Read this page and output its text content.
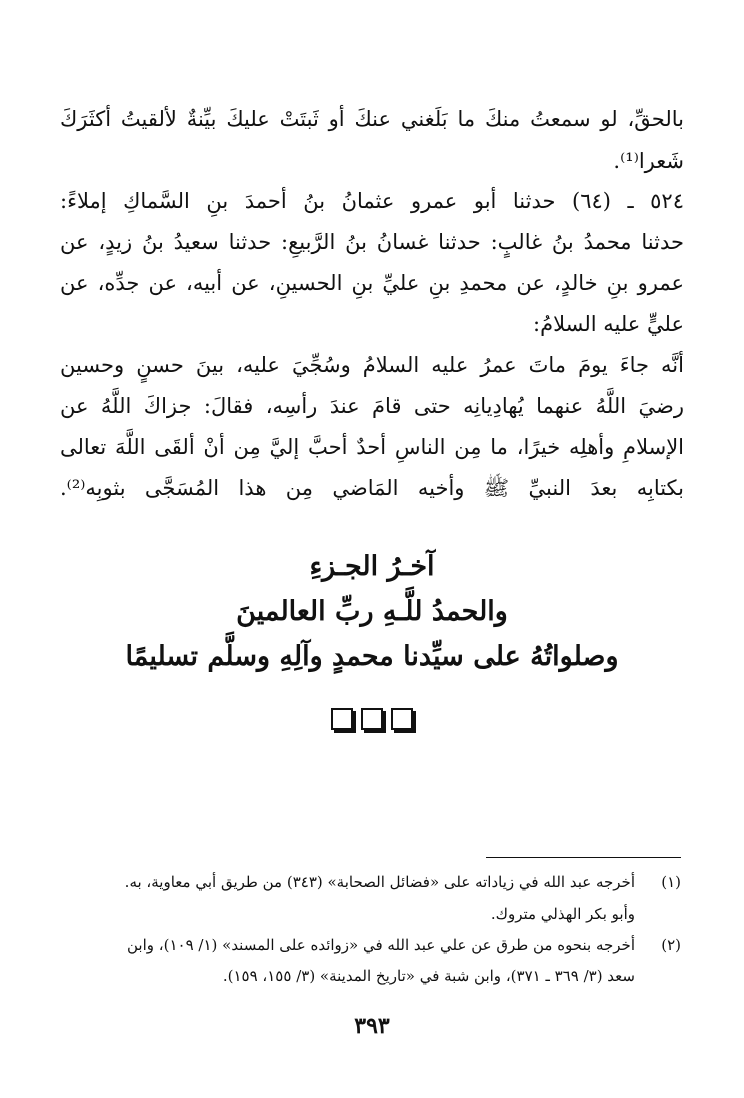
بالحقِّ، لو سمعتُ منكَ ما بَلَغني عنكَ أو ثَبتَتْ عليكَ بيِّنةٌ لألقيتُ أكثَرَكَ
شَعرا⁽¹⁾.
٥٢٤ ـ (٦٤) حدثنا أبو عمرو عثمانُ بنُ أحمدَ بنِ السَّماكِ إملاءً:
حدثنا محمدُ بنُ غالبٍ: حدثنا غسانُ بنُ الرَّبيعِ: حدثنا سعيدُ بنُ زيدٍ، عن
عمرو بنِ خالدٍ، عن محمدِ بنِ عليِّ بنِ الحسينِ، عن أبيه، عن جدِّه، عن
عليٍّ عليه السلامُ:
أنَّه جاءَ يومَ ماتَ عمرُ عليه السلامُ وسُجِّيَ عليه، بينَ حسنٍ وحسين
رضيَ اللَّهُ عنهما يُهادِيانِه حتى قامَ عندَ رأسِه، فقالَ: جزاكَ اللَّهُ عن
الإسلامِ وأهلِه خيرًا، ما مِن الناسِ أحدٌ أحبَّ إليَّ مِن أنْ ألقَى اللَّهَ تعالى
بكتابِه بعدَ النبيِّ ﷺ وأخيه المَاضي مِن هذا المُسَجَّى بثوبِه⁽²⁾.
آخـرُ الجـزءِ
والحمدُ للَّـهِ ربِّ العالمينَ
وصلواتُهُ على سيِّدنا محمدٍ وآلِهِ وسلَّم تسليمًا

(١)أخرجه عبد الله في زياداته على «فضائل الصحابة» (٣٤٣) من طريق أبي معاوية، به.
وأبو بكر الهذلي متروك.
(٢)أخرجه بنحوه من طرق عن علي عبد الله في «زوائده على المسند» (١/ ١٠٩)، وابن
سعد (٣/ ٣٦٩ ـ ٣٧١)، وابن شبة في «تاريخ المدينة» (٣/ ١٥٥، ١٥٩).
٣٩٣
